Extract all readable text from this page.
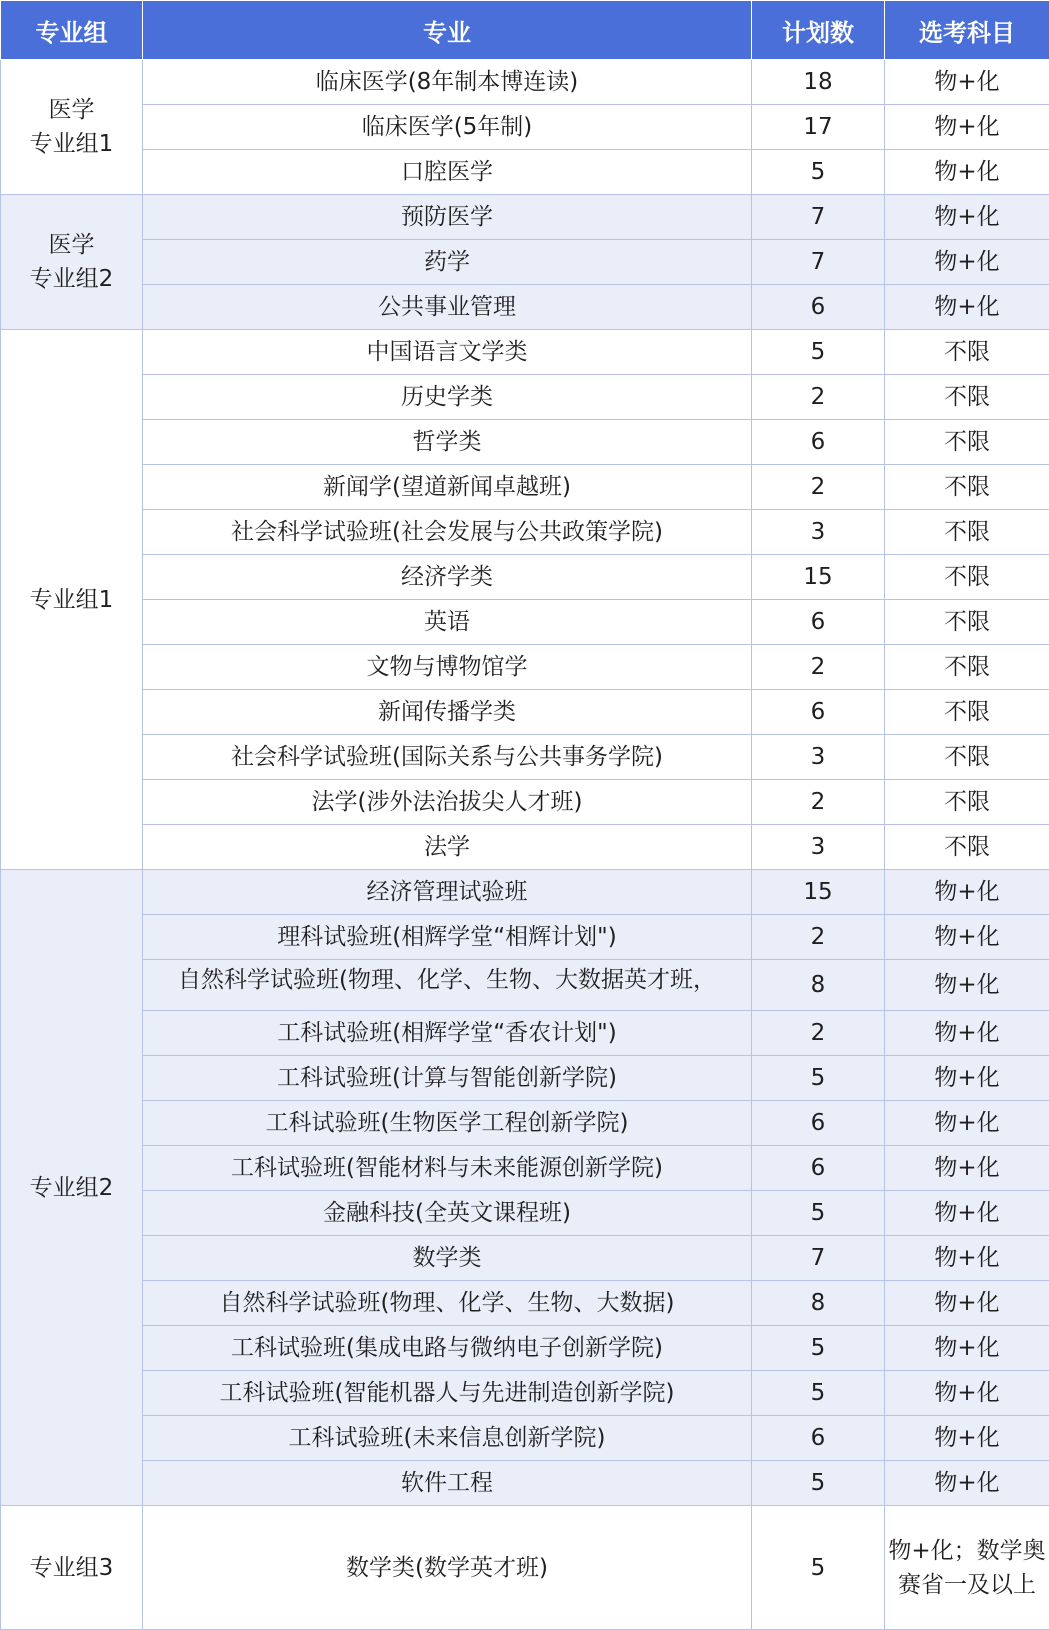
专业组	专业	计划数	选考科目

医学
专业组1	临床医学(8年制本博连读)	18	物+化
	临床医学(5年制)	17	物+化
	口腔医学	5	物+化

医学
专业组2	预防医学	7	物+化
	药学	7	物+化
	公共事业管理	6	物+化

专业组1	中国语言文学类	5	不限
	历史学类	2	不限
	哲学类	6	不限
	新闻学(望道新闻卓越班)	2	不限
	社会科学试验班(社会发展与公共政策学院)	3	不限
	经济学类	15	不限
	英语	6	不限
	文物与博物馆学	2	不限
	新闻传播学类	6	不限
	社会科学试验班(国际关系与公共事务学院)	3	不限
	法学(涉外法治拔尖人才班)	2	不限
	法学	3	不限

专业组2	经济管理试验班	15	物+化
	理科试验班(相辉学堂“相辉计划")	2	物+化
	自然科学试验班(物理、化学、生物、大数据英才班，	8	物+化
	工科试验班(相辉学堂“香农计划")	2	物+化
	工科试验班(计算与智能创新学院)	5	物+化
	工科试验班(生物医学工程创新学院)	6	物+化
	工科试验班(智能材料与未来能源创新学院)	6	物+化
	金融科技(全英文课程班)	5	物+化
	数学类	7	物+化
	自然科学试验班(物理、化学、生物、大数据)	8	物+化
	工科试验班(集成电路与微纳电子创新学院)	5	物+化
	工科试验班(智能机器人与先进制造创新学院)	5	物+化
	工科试验班(未来信息创新学院)	6	物+化
	软件工程	5	物+化

专业组3	数学类(数学英才班)	5	物+化；数学奥赛省一及以上
